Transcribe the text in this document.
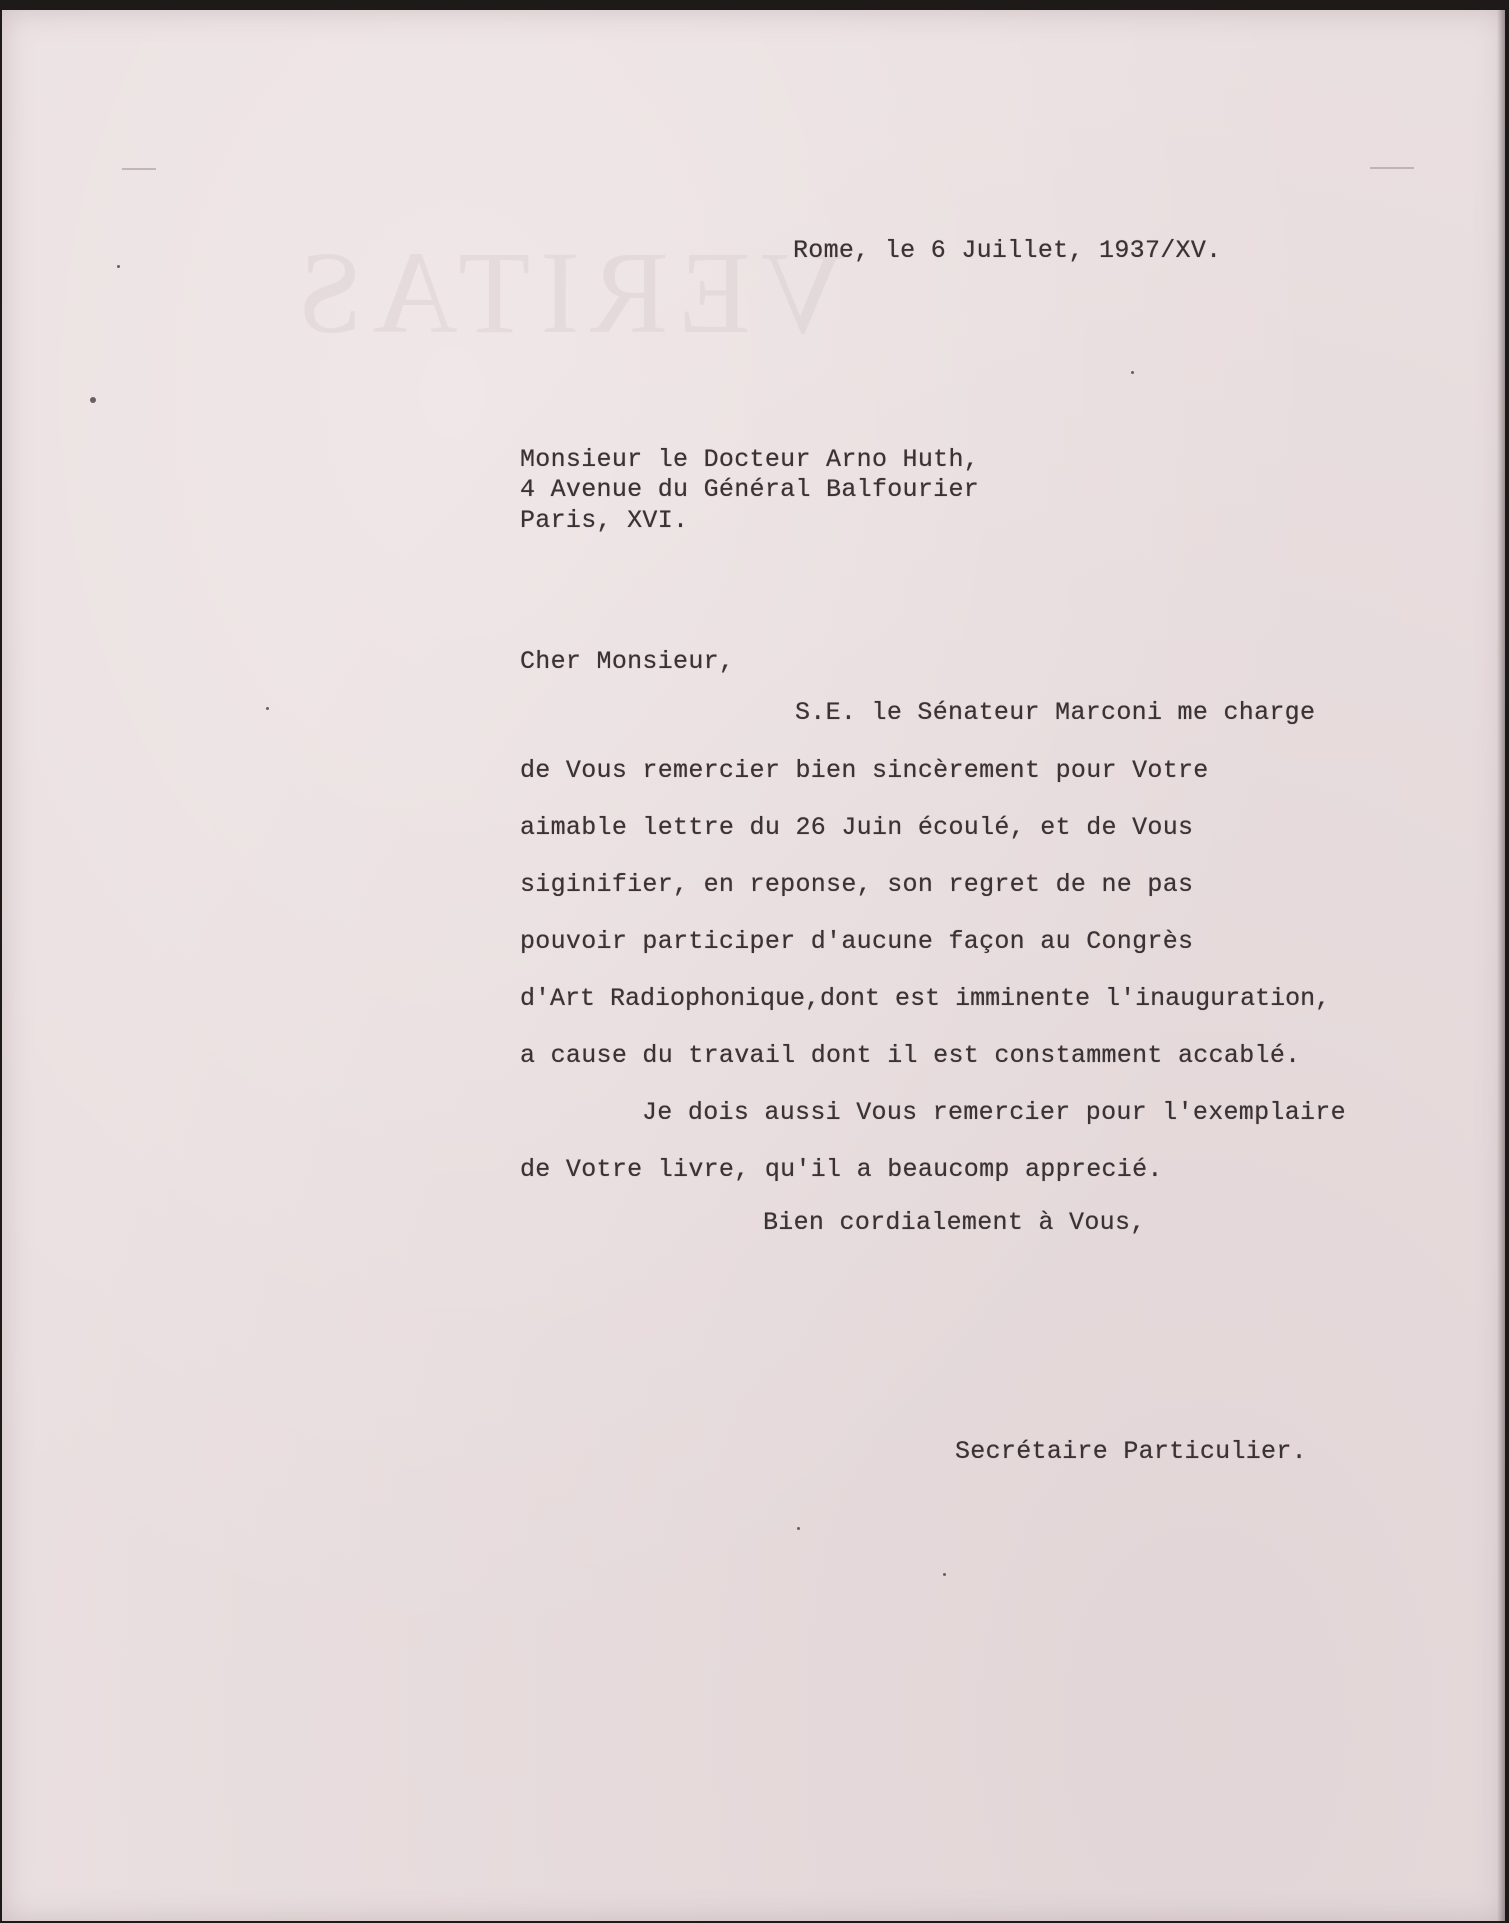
VERITAS
Rome, le 6 Juillet, 1937/XV.
Monsieur le Docteur Arno Huth,
4 Avenue du Général Balfourier
Paris, XVI.
Cher Monsieur,
S.E. le Sénateur Marconi me charge
de Vous remercier bien sincèrement pour Votre
aimable lettre du 26 Juin écoulé, et de Vous
siginifier, en reponse, son regret de ne pas
pouvoir participer d'aucune façon au Congrès
d'Art Radiophonique,dont est imminente l'inauguration,
a cause du travail dont il est constamment accablé.
Je dois aussi Vous remercier pour l'exemplaire
de Votre livre, qu'il a beaucomp apprecié.
Bien cordialement à Vous,
Secrétaire Particulier.
